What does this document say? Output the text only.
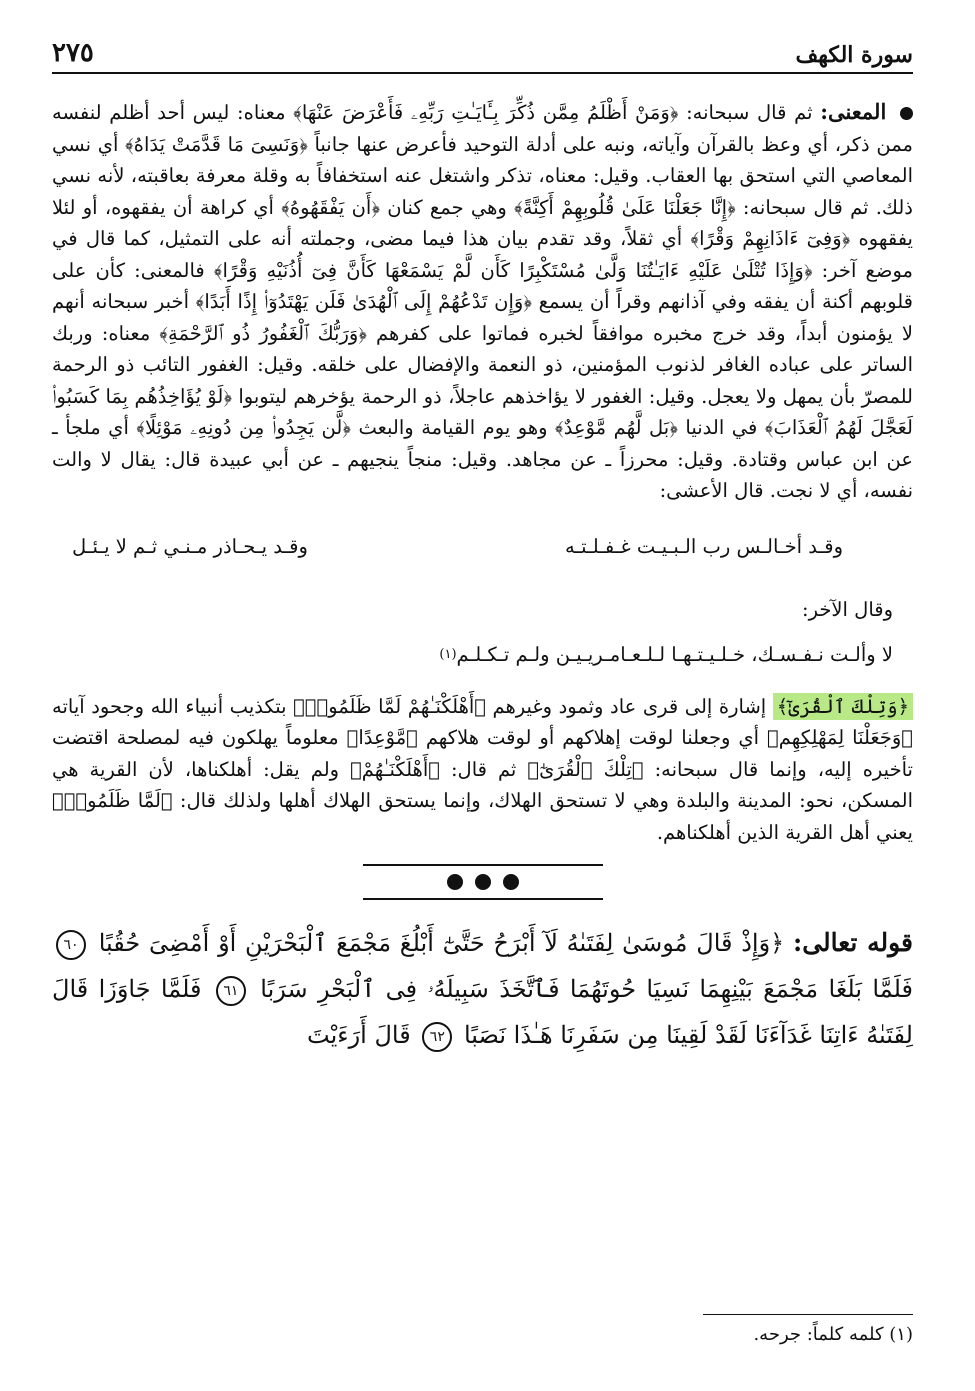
سورة الكهف
٢٧٥
المعنى: ثم قال سبحانه: ﴿وَمَنْ أَظْلَمُ مِمَّن ذُكِّرَ بِـَٔايَـٰتِ رَبِّهِۦ فَأَعْرَضَ عَنْهَا﴾ معناه: ليس أحد أظلم لنفسه ممن ذكر، أي وعظ بالقرآن وآياته، ونبه على أدلة التوحيد فأعرض عنها جانباً ﴿وَنَسِىَ مَا قَدَّمَتْ يَدَاهُ﴾ أي نسي المعاصي التي استحق بها العقاب. وقيل: معناه، تذكر واشتغل عنه استخفافاً به وقلة معرفة بعاقبته، لأنه نسي ذلك. ثم قال سبحانه: ﴿إِنَّا جَعَلْنَا عَلَىٰ قُلُوبِهِمْ أَكِنَّةً﴾ وهي جمع كنان ﴿أَن يَفْقَهُوهُ﴾ أي كراهة أن يفقهوه، أو لئلا يفقهوه ﴿وَفِىٓ ءَاذَانِهِمْ وَقْرًا﴾ أي ثقلاً، وقد تقدم بيان هذا فيما مضى، وجملته أنه على التمثيل، كما قال في موضع آخر: ﴿وَإِذَا تُتْلَىٰ عَلَيْهِ ءَايَـٰتُنَا وَلَّىٰ مُسْتَكْبِرًا كَأَن لَّمْ يَسْمَعْهَا كَأَنَّ فِىٓ أُذُنَيْهِ وَقْرًا﴾ فالمعنى: كأن على قلوبهم أكنة أن يفقه وفي آذانهم وقراً أن يسمع ﴿وَإِن تَدْعُهُمْ إِلَى ٱلْهُدَىٰ فَلَن يَهْتَدُوٓا۟ إِذًا أَبَدًا﴾ أخبر سبحانه أنهم لا يؤمنون أبداً، وقد خرج مخبره موافقاً لخبره فماتوا على كفرهم ﴿وَرَبُّكَ ٱلْغَفُورُ ذُو ٱلرَّحْمَةِ﴾ معناه: وربك الساتر على عباده الغافر لذنوب المؤمنين، ذو النعمة والإفضال على خلقه. وقيل: الغفور التائب ذو الرحمة للمصرّ بأن يمهل ولا يعجل. وقيل: الغفور لا يؤاخذهم عاجلاً، ذو الرحمة يؤخرهم ليتوبوا ﴿لَوْ يُؤَاخِذُهُم بِمَا كَسَبُوا۟ لَعَجَّلَ لَهُمُ ٱلْعَذَابَ﴾ في الدنيا ﴿بَل لَّهُم مَّوْعِدٌ﴾ وهو يوم القيامة والبعث ﴿لَّن يَجِدُوا۟ مِن دُونِهِۦ مَوْئِلًا﴾ أي ملجأ ـ عن ابن عباس وقتادة. وقيل: محرزاً ـ عن مجاهد. وقيل: منجاً ينجيهم ـ عن أبي عبيدة قال: يقال لا والت نفسه، أي لا نجت. قال الأعشى:
وقـد أخـالـس رب الـبـيـت غـفـلـتـه
وقـد يـحـاذر مـنـي ثـم لا يـئـل
وقال الآخر:
لا وألـت نـفـسـك، خـلـيـتـهـا لـلـعـامـريـيـن ولـم تـكـلـم
(١)
﴿وَتِلْكَ ٱلْقُرَىٰٓ﴾ إشارة إلى قرى عاد وثمود وغيرهم ﴿أَهْلَكْنَـٰهُمْ لَمَّا ظَلَمُوا۟﴾ بتكذيب أنبياء الله وجحود آياته ﴿وَجَعَلْنَا لِمَهْلِكِهِم﴾ أي وجعلنا لوقت إهلاكهم أو لوقت هلاكهم ﴿مَّوْعِدًا﴾ معلوماً يهلكون فيه لمصلحة اقتضت تأخيره إليه، وإنما قال سبحانه: ﴿تِلْكَ ٱلْقُرَىٰٓ﴾ ثم قال: ﴿أَهْلَكْنَـٰهُمْ﴾ ولم يقل: أهلكناها، لأن القرية هي المسكن، نحو: المدينة والبلدة وهي لا تستحق الهلاك، وإنما يستحق الهلاك أهلها ولذلك قال: ﴿لَمَّا ظَلَمُوا۟﴾ يعني أهل القرية الذين أهلكناهم.
قوله تعالى: ﴿وَإِذْ قَالَ مُوسَىٰ لِفَتَىٰهُ لَآ أَبْرَحُ حَتَّىٰٓ أَبْلُغَ مَجْمَعَ ٱلْبَحْرَيْنِ أَوْ أَمْضِىَ حُقُبًا ٦٠ فَلَمَّا بَلَغَا مَجْمَعَ بَيْنِهِمَا نَسِيَا حُوتَهُمَا فَٱتَّخَذَ سَبِيلَهُۥ فِى ٱلْبَحْرِ سَرَبًا ٦١ فَلَمَّا جَاوَزَا قَالَ لِفَتَىٰهُ ءَاتِنَا غَدَآءَنَا لَقَدْ لَقِينَا مِن سَفَرِنَا هَـٰذَا نَصَبًا ٦٢ قَالَ أَرَءَيْتَ
(١) كلمه كلماً: جرحه.
